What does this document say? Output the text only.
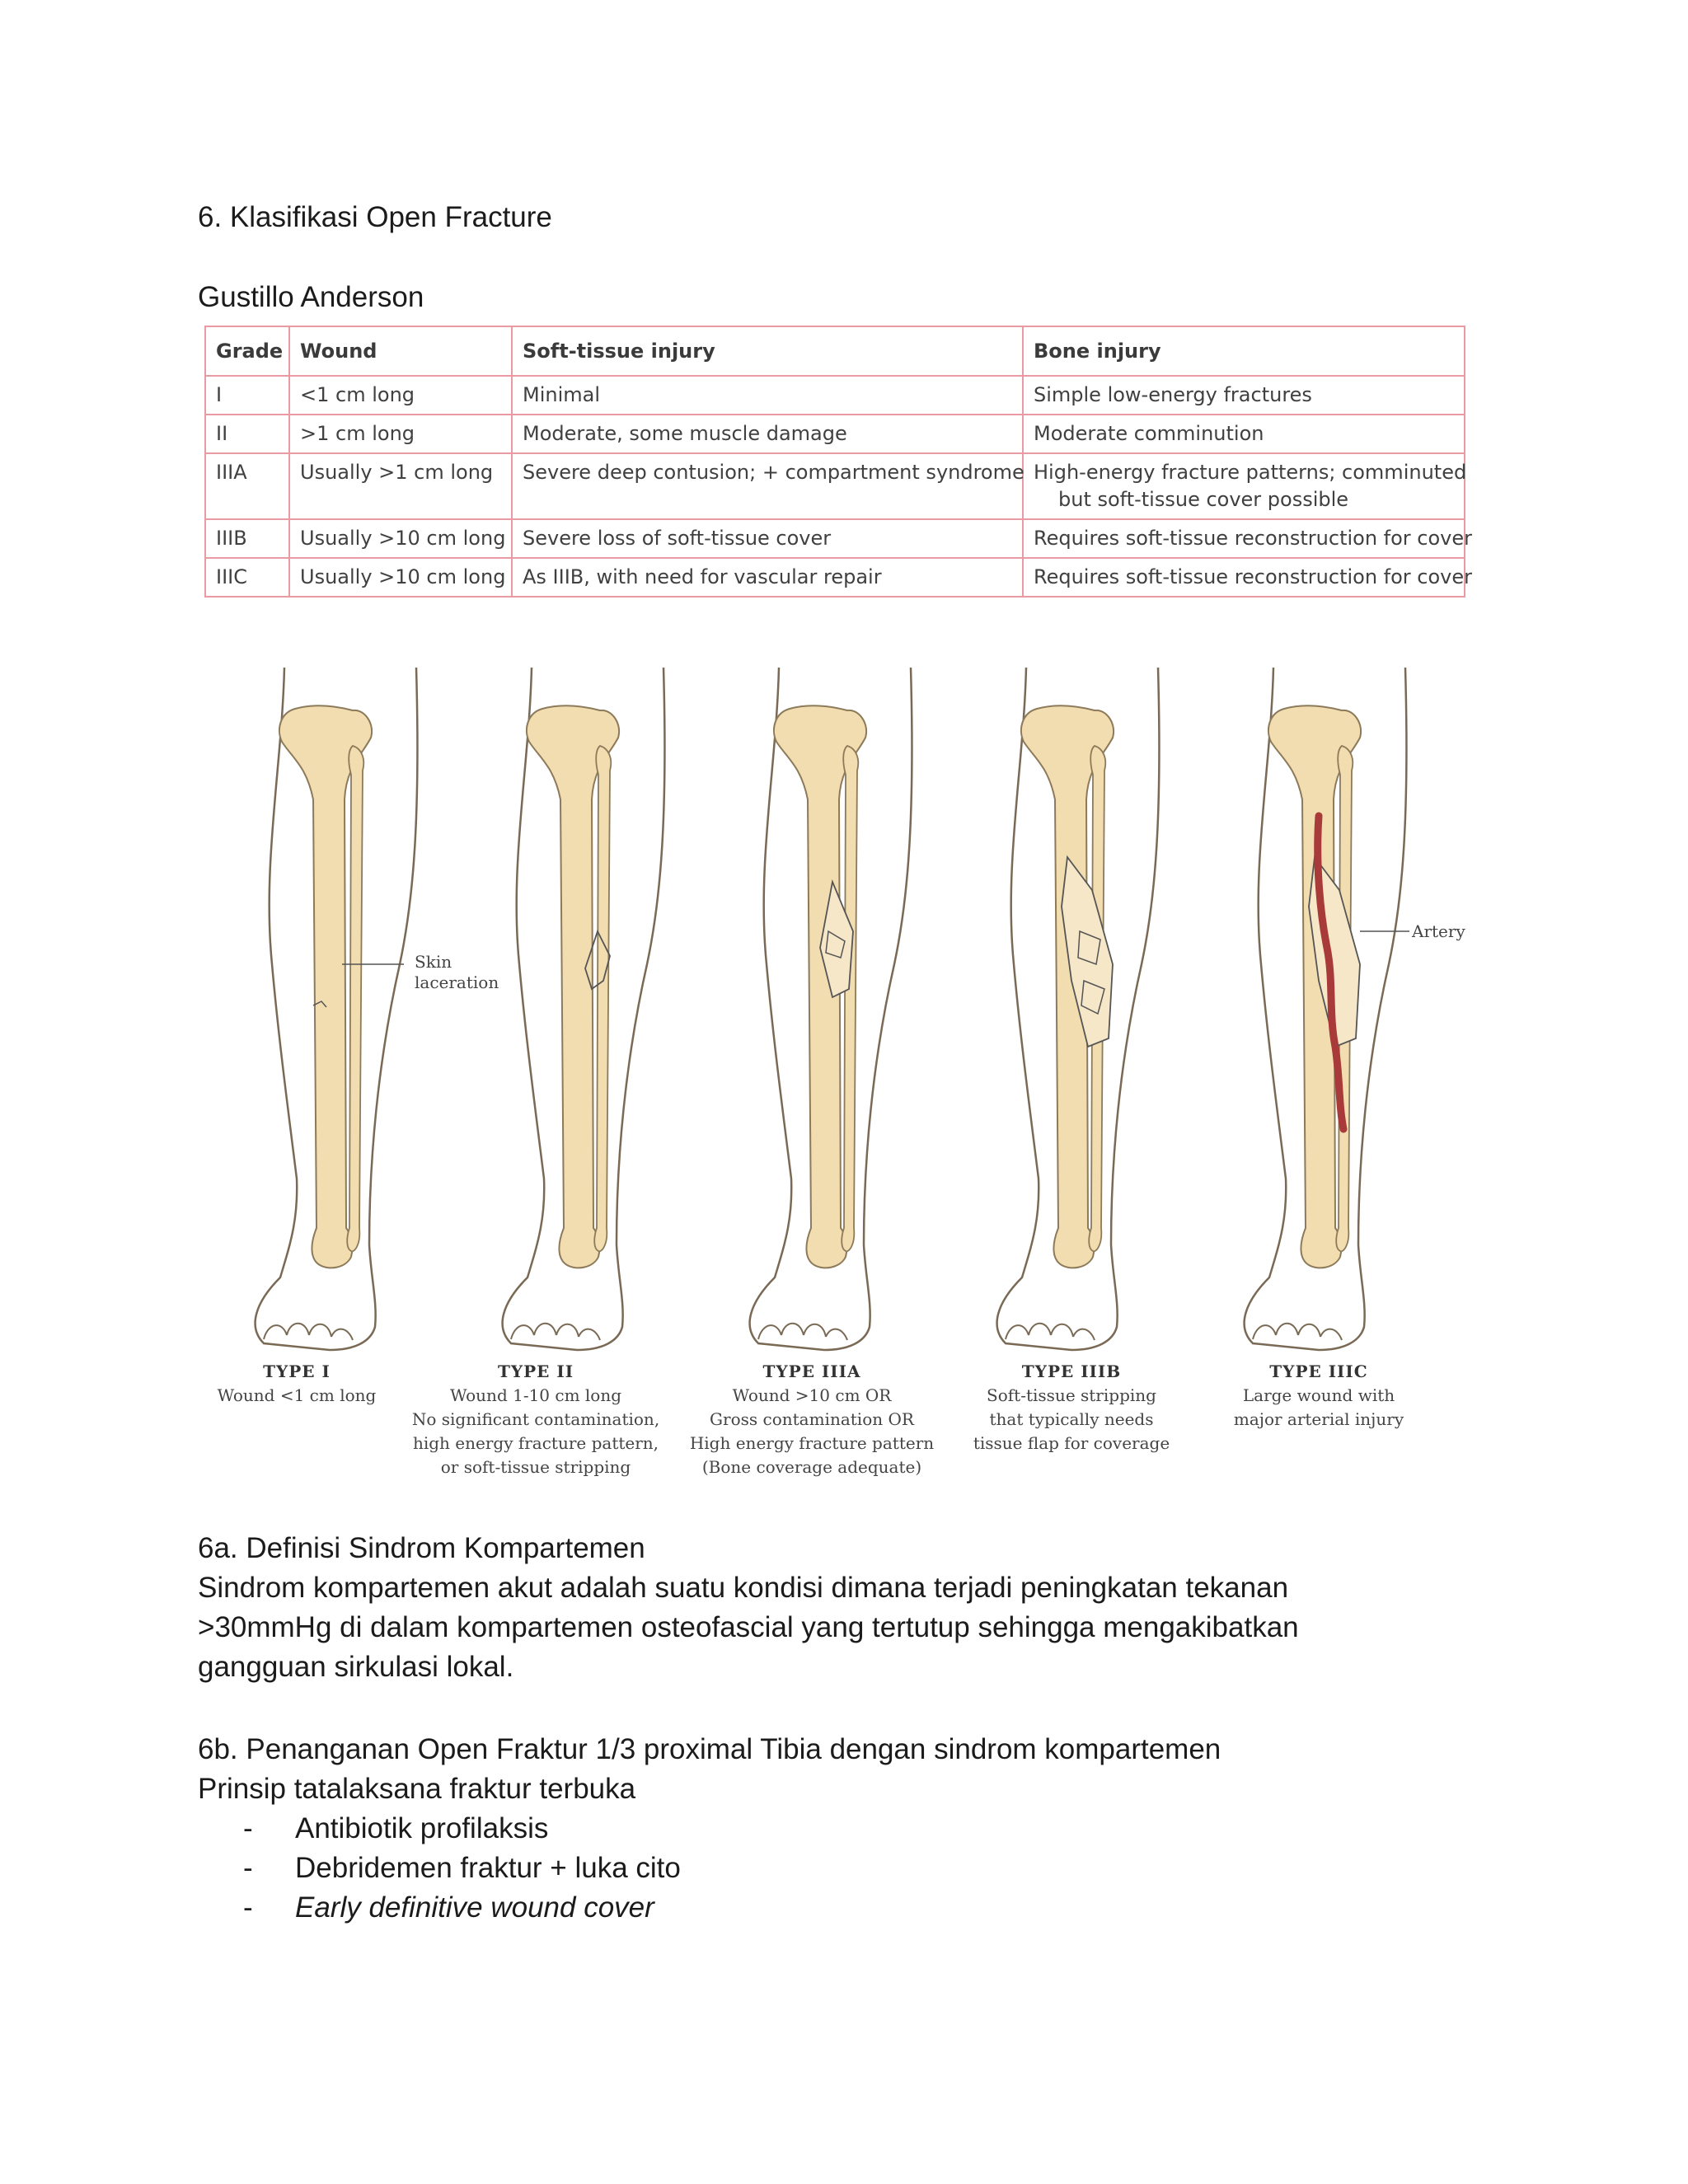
6. Klasifikasi Open Fracture
Gustillo Anderson
Grade	Wound	Soft-tissue injury	Bone injury
I	<1 cm long	Minimal	Simple low-energy fractures
II	>1 cm long	Moderate, some muscle damage	Moderate comminution
IIIA	Usually >1 cm long	Severe deep contusion; + compartment syndrome	High-energy fracture patterns; comminuted
but soft-tissue cover possible

IIIB	Usually >10 cm long	Severe loss of soft-tissue cover	Requires soft-tissue reconstruction for cover
IIIC	Usually >10 cm long	As IIIB, with need for vascular repair	Requires soft-tissue reconstruction for cover
Skin
laceration
Artery
TYPE I
Wound <1 cm long
TYPE II
Wound 1-10 cm long
No significant contamination,
high energy fracture pattern,
or soft-tissue stripping
TYPE IIIA
Wound >10 cm OR
Gross contamination OR
High energy fracture pattern
(Bone coverage adequate)
TYPE IIIB
Soft-tissue stripping
that typically needs
tissue flap for coverage
TYPE IIIC
Large wound with
major arterial injury
6a. Definisi Sindrom Kompartemen
Sindrom kompartemen akut adalah suatu kondisi dimana terjadi peningkatan tekanan
>30mmHg di dalam kompartemen osteofascial yang tertutup sehingga mengakibatkan
gangguan sirkulasi lokal.
6b. Penanganan Open Fraktur 1/3 proximal Tibia dengan sindrom kompartemen
Prinsip tatalaksana fraktur terbuka
- Antibiotik profilaksis
- Debridemen fraktur + luka cito
- Early definitive wound cover
